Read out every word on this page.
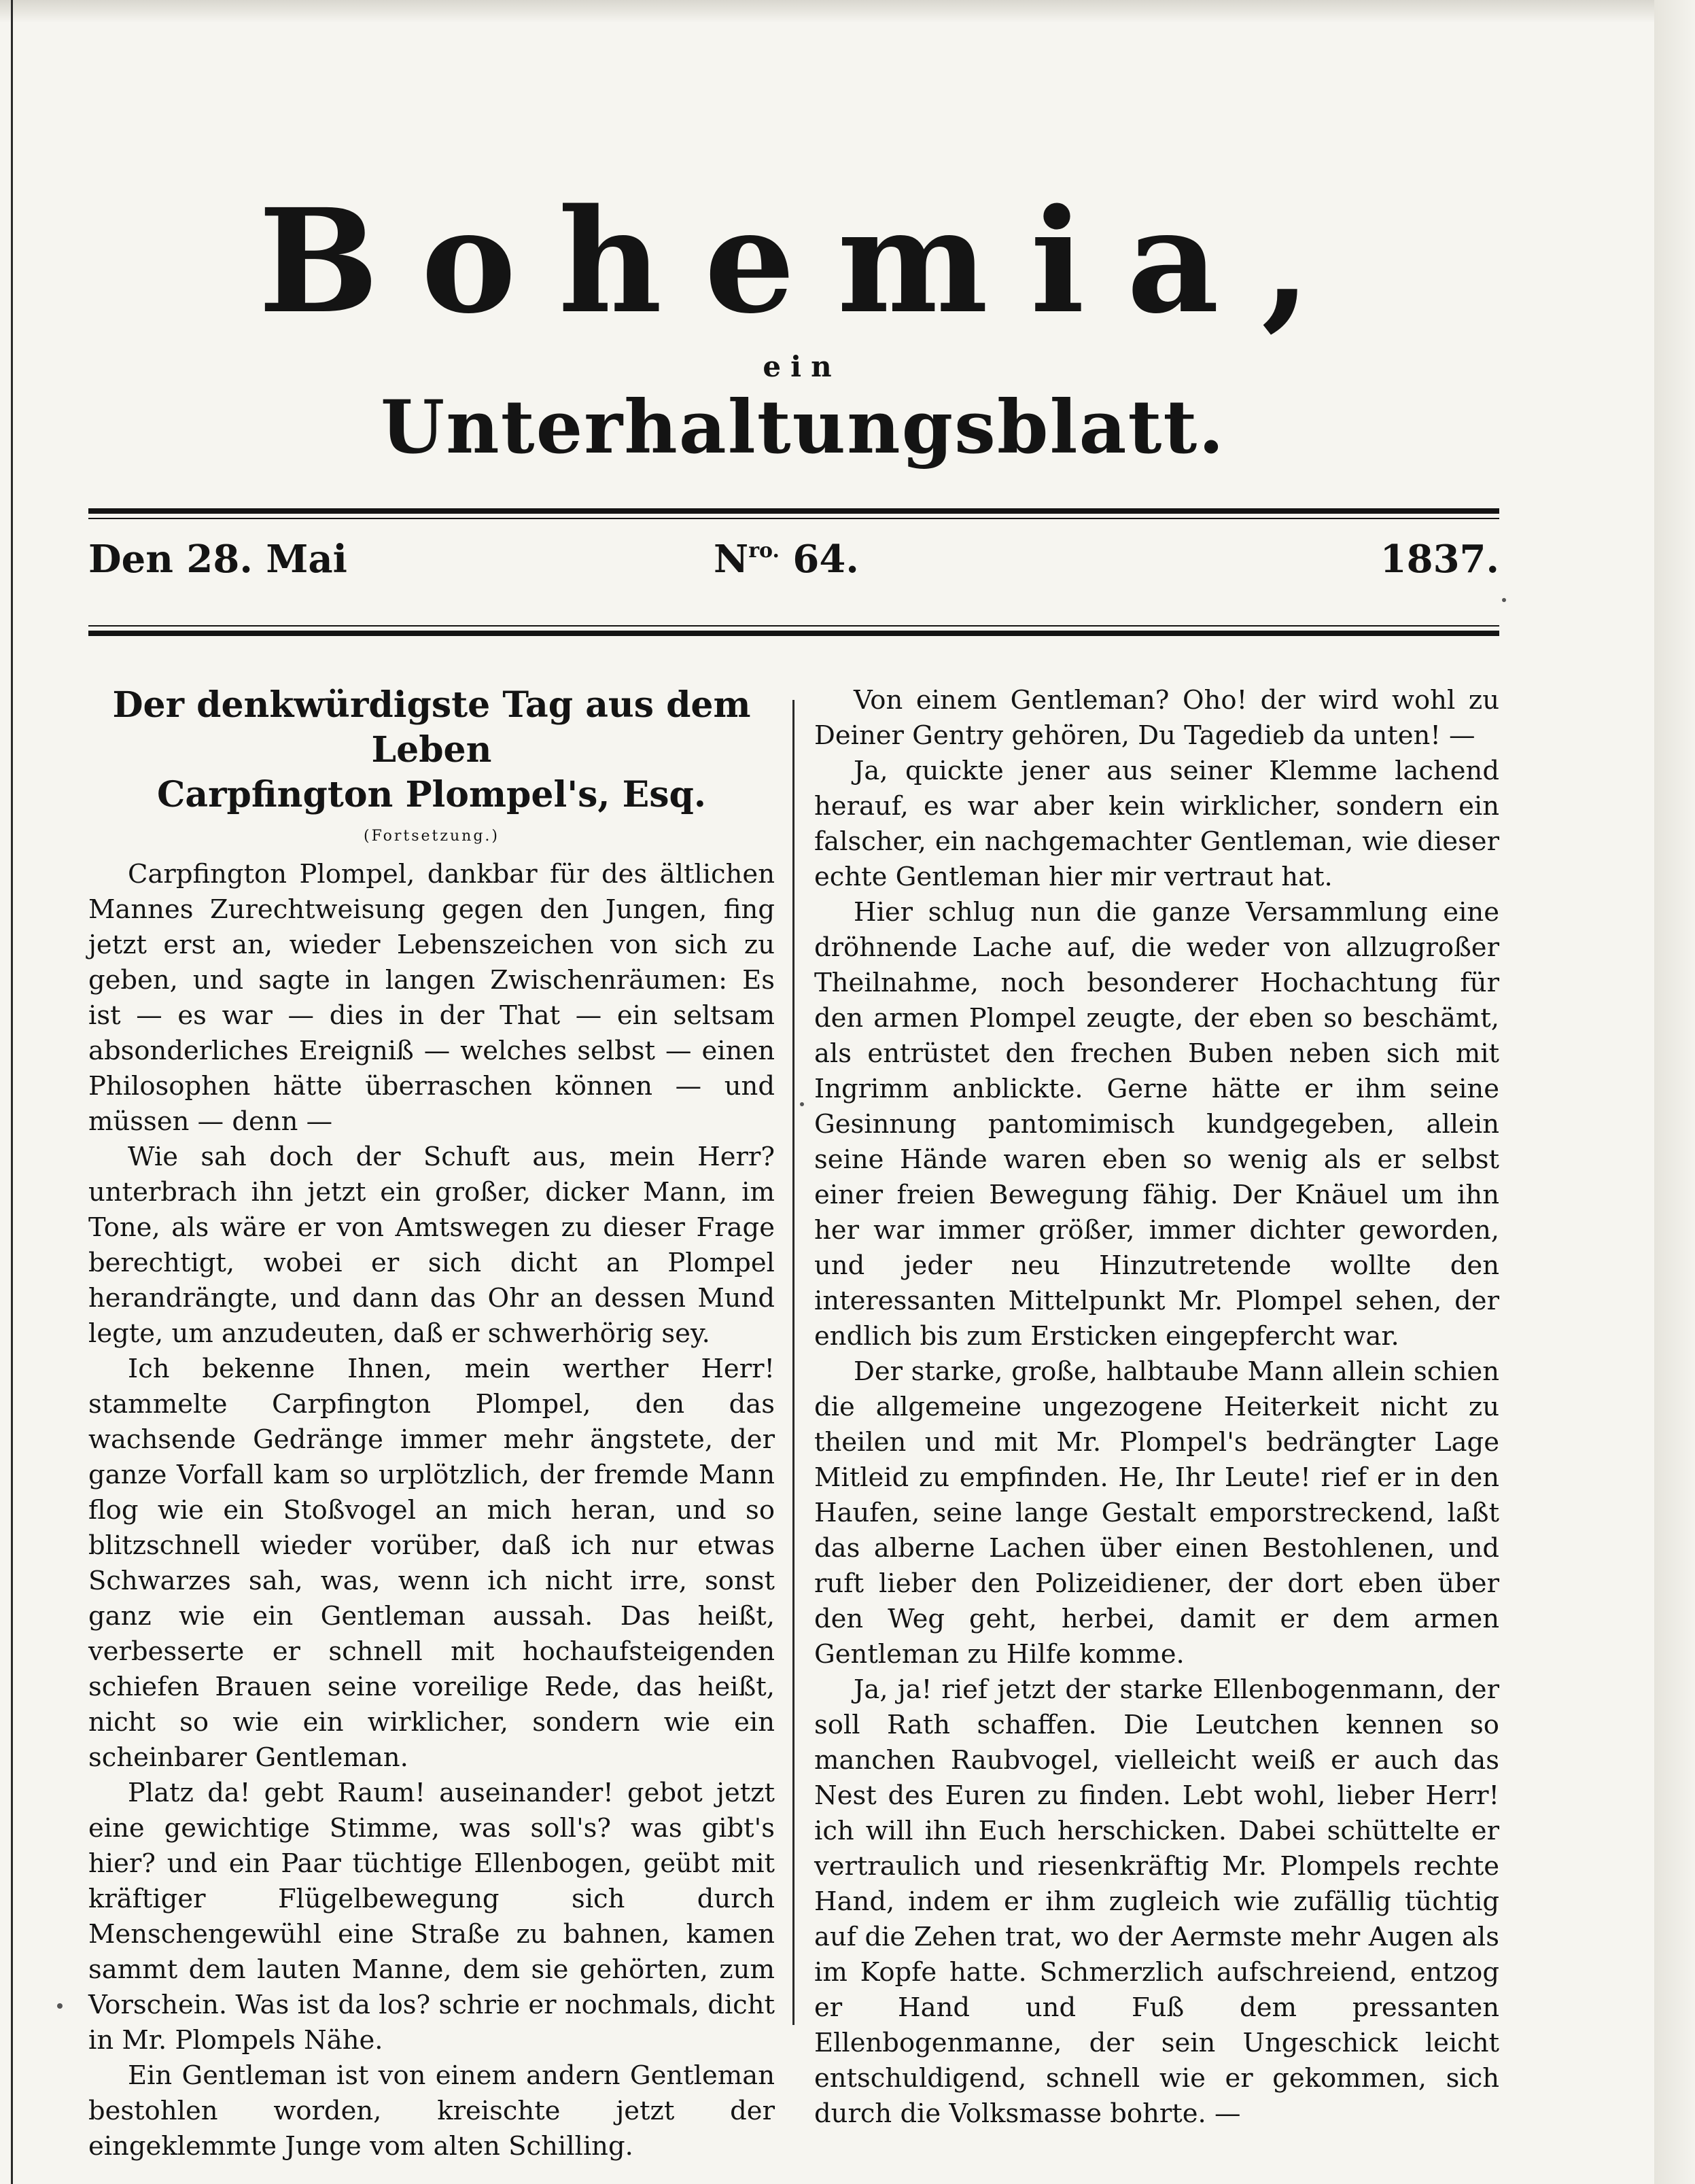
Bohemia,
ein
Unterhaltungsblatt.
Den 28. Mai	$N^{ro.}$ 64.	1837.
Der denkwürdigste Tag aus dem Leben
Carpfington Plompel's, Esq.
(Fortsetzung.)

Carpfington Plompel, dankbar für des ältlichen Mannes Zurechtweisung gegen den Jungen, fing jetzt erst an, wieder Lebenszeichen von sich zu geben, und sagte in langen Zwischenräumen: Es ist — es war — dies in der That — ein seltsam absonderliches Ereigniß — welches selbst — einen Philosophen hätte überraschen können — und müssen — denn —

Wie sah doch der Schuft aus, mein Herr? unterbrach ihn jetzt ein großer, dicker Mann, im Tone, als wäre er von Amtswegen zu dieser Frage berechtigt, wobei er sich dicht an Plompel herandrängte, und dann das Ohr an dessen Mund legte, um anzudeuten, daß er schwerhörig sey.

Ich bekenne Ihnen, mein werther Herr! stammelte Carpfington Plompel, den das wachsende Gedränge immer mehr ängstete, der ganze Vorfall kam so urplötzlich, der fremde Mann flog wie ein Stoßvogel an mich heran, und so blitzschnell wieder vorüber, daß ich nur etwas Schwarzes sah, was, wenn ich nicht irre, sonst ganz wie ein Gentleman aussah. Das heißt, verbesserte er schnell mit hochaufsteigenden schiefen Brauen seine voreilige Rede, das heißt, nicht so wie ein wirklicher, sondern wie ein scheinbarer Gentleman.

Platz da! gebt Raum! auseinander! gebot jetzt eine gewichtige Stimme, was soll's? was gibt's hier? und ein Paar tüchtige Ellenbogen, geübt mit kräftiger Flügelbewegung sich durch Menschengewühl eine Straße zu bahnen, kamen sammt dem lauten Manne, dem sie gehörten, zum Vorschein. Was ist da los? schrie er nochmals, dicht in Mr. Plompels Nähe.

Ein Gentleman ist von einem andern Gentleman bestohlen worden, kreischte jetzt der eingeklemmte Junge vom alten Schilling.

Von einem Gentleman? Oho! der wird wohl zu Deiner Gentry gehören, Du Tagedieb da unten! —

Ja, quickte jener aus seiner Klemme lachend herauf, es war aber kein wirklicher, sondern ein falscher, ein nachgemachter Gentleman, wie dieser echte Gentleman hier mir vertraut hat.

Hier schlug nun die ganze Versammlung eine dröhnende Lache auf, die weder von allzugroßer Theilnahme, noch besonderer Hochachtung für den armen Plompel zeugte, der eben so beschämt, als entrüstet den frechen Buben neben sich mit Ingrimm anblickte. Gerne hätte er ihm seine Gesinnung pantomimisch kundgegeben, allein seine Hände waren eben so wenig als er selbst einer freien Bewegung fähig. Der Knäuel um ihn her war immer größer, immer dichter geworden, und jeder neu Hinzutretende wollte den interessanten Mittelpunkt Mr. Plompel sehen, der endlich bis zum Ersticken eingepfercht war.

Der starke, große, halbtaube Mann allein schien die allgemeine ungezogene Heiterkeit nicht zu theilen und mit Mr. Plompel's bedrängter Lage Mitleid zu empfinden. He, Ihr Leute! rief er in den Haufen, seine lange Gestalt emporstreckend, laßt das alberne Lachen über einen Bestohlenen, und ruft lieber den Polizeidiener, der dort eben über den Weg geht, herbei, damit er dem armen Gentleman zu Hilfe komme.

Ja, ja! rief jetzt der starke Ellenbogenmann, der soll Rath schaffen. Die Leutchen kennen so manchen Raubvogel, vielleicht weiß er auch das Nest des Euren zu finden. Lebt wohl, lieber Herr! ich will ihn Euch herschicken. Dabei schüttelte er vertraulich und riesenkräftig Mr. Plompels rechte Hand, indem er ihm zugleich wie zufällig tüchtig auf die Zehen trat, wo der Aermste mehr Augen als im Kopfe hatte. Schmerzlich aufschreiend, entzog er Hand und Fuß dem pressanten Ellenbogenmanne, der sein Ungeschick leicht entschuldigend, schnell wie er gekommen, sich durch die Volksmasse bohrte. —
